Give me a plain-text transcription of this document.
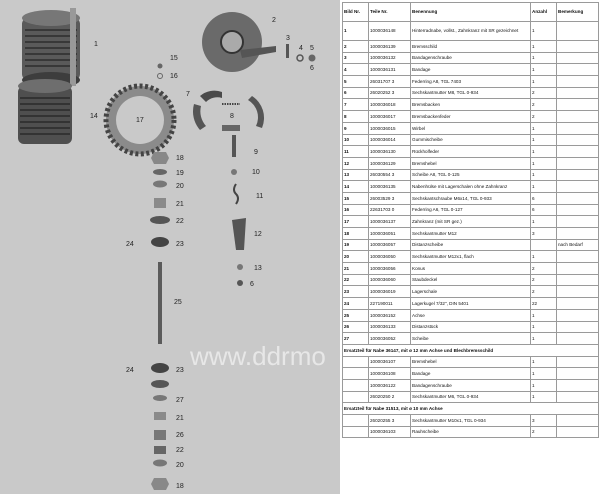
www.ddrmo
1
2
3
4 5
6
7
8
9
10
11
12
13
14
15
16
17
18
19
20
21
22
23
24
25
6
24	23
27
21
26
22
20
18
Bild Nr.	Teile Nr.	Benennung	Anzahl	Bemerkung
1	1000036148	Hinterradnabe, vollst., Zahnkranz mit SR gezeichnet	1	
2	1000036139	Bremsschild	1	
3	1000036132	Bandagenschraube	1	
4	1000036131	Bandage	1	
5	26031707 3	Federring A8, TGL 7403	1	
6	26020252 3	Sechskantmutter M8, TGL 0-934	2	
7	1000036018	Bremsbacken	2	
8	1000036017	Bremsbackenfeder	2	
9	1000036015	Wirbel	1	
10	1000036014	Gummischeibe	1	
11	1000036130	Rückholfeder	1	
12	1000036129	Bremshebel	1	
13	26030554 3	Scheibe A8, TGL 0-125	1	
14	1000036135	Nabenhülse mit Lagerschalen ohne Zahnkranz	1	
15	26003529 3	Sechskantschraube M6x14, TGL 0-933	6	
16	22631703 0	Federring A6, TGL 0-127	6	
17	1000036137	Zahnkranz (mit SR gez.)	1	
18	1000036051	Sechskantmutter M12	3	
19	1000036057	Distanzscheibe		nach Bedarf
20	1000036050	Sechskantmutter M12x1, flach	1	
21	1000036056	Konus	2	
22	1000036060	Staubdeckel	2	
23	1000036019	Lagerschale	2	
24	227190011	Lagerkugel 7/32", DIN 5401	22	
25	1000036152	Achse	1	
26	1000036133	Distanzstück	1	
27	1000036052	Scheibe	1	
Ersatzteil für Nabe 36147, mit ø 12 mm Achse und Blechbremsschild				
	1000036107	Bremshebel	1	
	1000036108	Bandage	1	
	1000036122	Bandagenschraube	1	
	26020250 2	Sechskantmutter M6, TGL 0-934	1	
Ersatzteil für Nabe 31513, mit ø 10 mm Achse				
	26020255 3	Sechskantmutter M10x1, TGL 0-934	3	
	1000036103	Rauhscheibe	2	
